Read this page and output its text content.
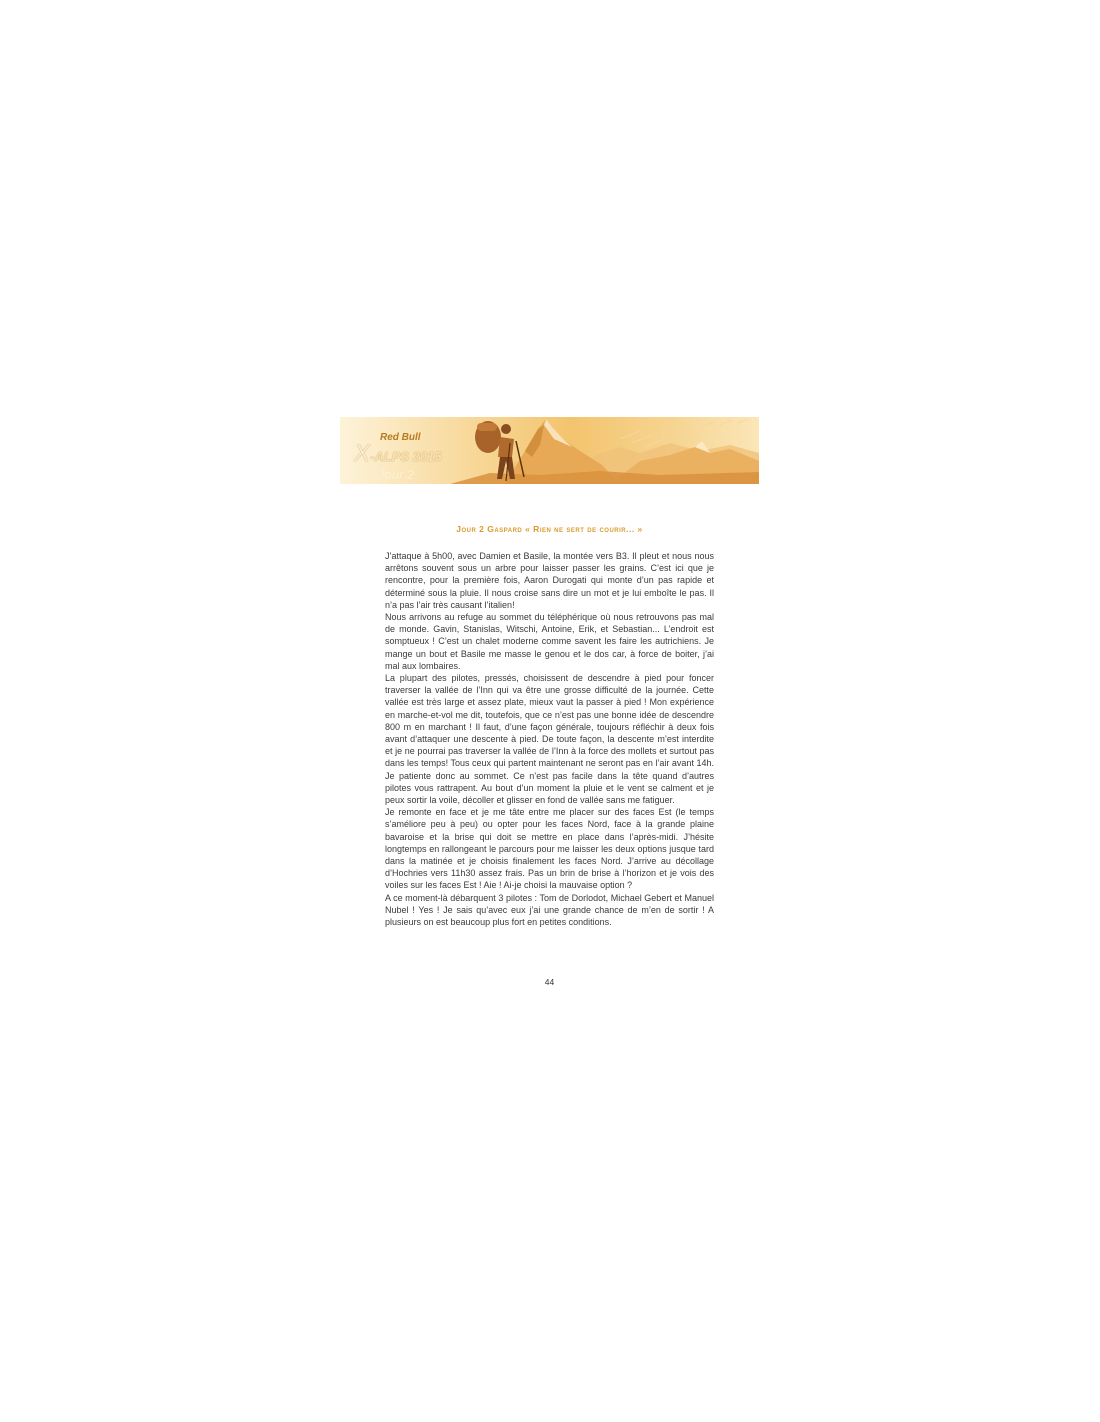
Red Bull
X-ALPS 2015
Jour 2
Jour 2 Gaspard « Rien ne sert de courir... »

J’attaque à 5h00, avec Damien et Basile, la montée vers B3. Il pleut et nous nous arrêtons souvent sous un arbre pour laisser passer les grains. C’est ici que je rencontre, pour la première fois, Aaron Durogati qui monte d’un pas rapide et déterminé sous la pluie. Il nous croise sans dire un mot et je lui emboîte le pas. Il n’a pas l’air très causant l’italien!

Nous arrivons au refuge au sommet du téléphérique où nous retrouvons pas mal de monde. Gavin, Stanislas, Witschi, Antoine, Erik, et Sebastian... L’endroit est somptueux ! C’est un chalet moderne comme savent les faire les autrichiens. Je mange un bout et Basile me masse le genou et le dos car, à force de boiter, j’ai mal aux lombaires.

La plupart des pilotes, pressés, choisissent de descendre à pied pour foncer traverser la vallée de l’Inn qui va être une grosse difficulté de la journée. Cette vallée est très large et assez plate, mieux vaut la passer à pied ! Mon expérience en marche-et-vol me dit, toutefois, que ce n’est pas une bonne idée de descendre 800 m en marchant ! Il faut, d’une façon générale, toujours réfléchir à deux fois avant d’attaquer une descente à pied. De toute façon, la descente m’est interdite et je ne pourrai pas traverser la vallée de l’Inn à la force des mollets et surtout pas dans les temps! Tous ceux qui partent maintenant ne seront pas en l’air avant 14h. Je patiente donc au sommet. Ce n’est pas facile dans la tête quand d’autres pilotes vous rattrapent. Au bout d’un moment la pluie et le vent se calment et je peux sortir la voile, décoller et glisser en fond de vallée sans me fatiguer.

Je remonte en face et je me tâte entre me placer sur des faces Est (le temps s’améliore peu à peu) ou opter pour les faces Nord, face à la grande plaine bavaroise et la brise qui doit se mettre en place dans l’après-midi. J’hésite longtemps en rallongeant le parcours pour me laisser les deux options jusque tard dans la matinée et je choisis finalement les faces Nord. J’arrive au décollage d’Hochries vers 11h30 assez frais. Pas un brin de brise à l’horizon et je vois des voiles sur les faces Est ! Aie ! Ai-je choisi la mauvaise option ?

A ce moment-là débarquent 3 pilotes : Tom de Dorlodot, Michael Gebert et Manuel Nubel ! Yes ! Je sais qu’avec eux j’ai une grande chance de m’en de sortir ! A plusieurs on est beaucoup plus fort en petites conditions.

44
